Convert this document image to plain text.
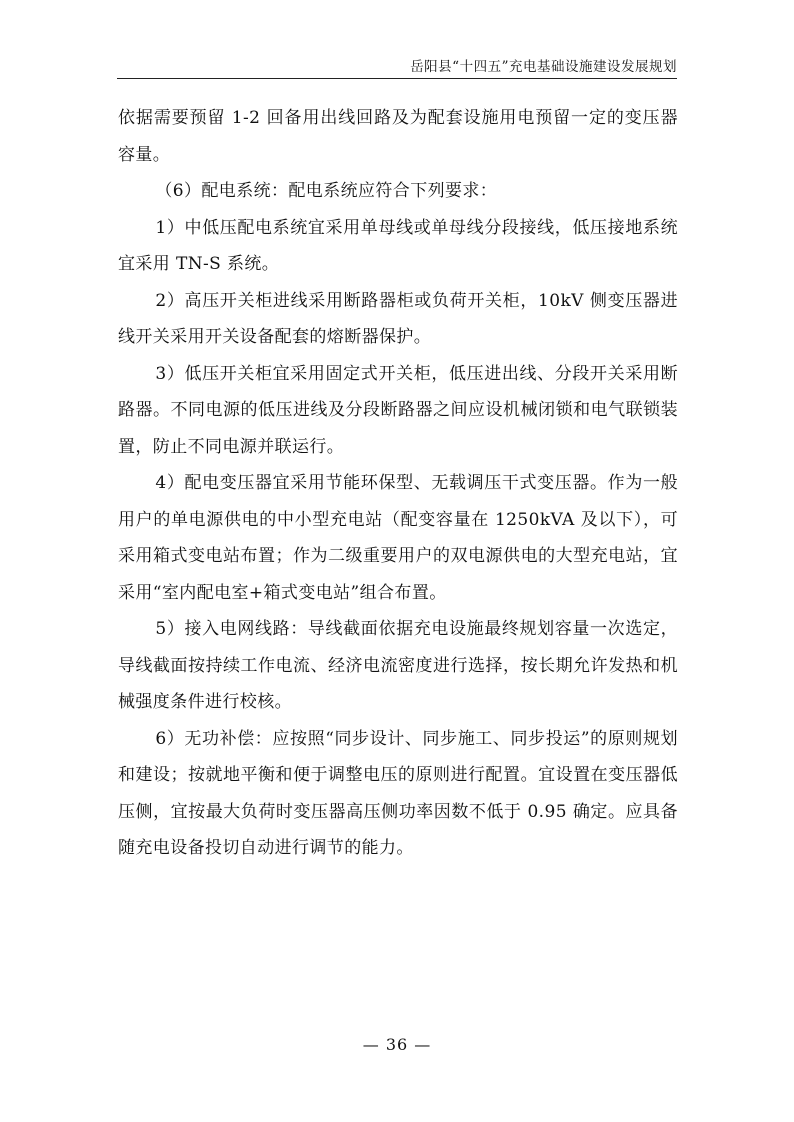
岳阳县“十四五”充电基础设施建设发展规划

依据需要预留 1-2 回备用出线回路及为配套设施用电预留一定的变压器容量。

（6）配电系统：配电系统应符合下列要求：

1）中低压配电系统宜采用单母线或单母线分段接线，低压接地系统宜采用 TN-S 系统。

2）高压开关柜进线采用断路器柜或负荷开关柜，10kV 侧变压器进线开关采用开关设备配套的熔断器保护。

3）低压开关柜宜采用固定式开关柜，低压进出线、分段开关采用断路器。不同电源的低压进线及分段断路器之间应设机械闭锁和电气联锁装置，防止不同电源并联运行。

4）配电变压器宜采用节能环保型、无载调压干式变压器。作为一般用户的单电源供电的中小型充电站（配变容量在 1250kVA 及以下），可采用箱式变电站布置；作为二级重要用户的双电源供电的大型充电站，宜采用“室内配电室+箱式变电站”组合布置。

5）接入电网线路：导线截面依据充电设施最终规划容量一次选定，导线截面按持续工作电流、经济电流密度进行选择，按长期允许发热和机械强度条件进行校核。

6）无功补偿：应按照“同步设计、同步施工、同步投运”的原则规划和建设；按就地平衡和便于调整电压的原则进行配置。宜设置在变压器低压侧，宜按最大负荷时变压器高压侧功率因数不低于 0.95 确定。应具备随充电设备投切自动进行调节的能力。

— 36 —
